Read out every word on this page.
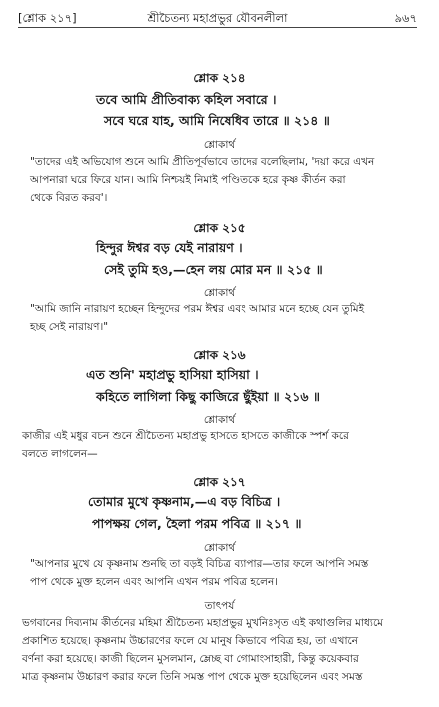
[শ্লোক ২১৭]	শ্রীচৈতন্য মহাপ্রভুর যৌবনলীলা	৯৬৭
শ্লোক ২১৪
তবে আমি প্রীতিবাক্য কহিল সবারে ।
সবে ঘরে যাহ, আমি নিষেধিব তারে ॥ ২১৪ ॥
শ্লোকার্থ
"তাদের এই অভিযোগ শুনে আমি প্রীতিপূর্বভাবে তাদের বলেছিলাম, 'দয়া করে এখন
আপনারা ঘরে ফিরে যান। আমি নিশ্চয়ই নিমাই পণ্ডিতকে হরে কৃষ্ণ কীর্তন করা
থেকে বিরত করব'।
শ্লোক ২১৫
হিন্দুর ঈশ্বর বড় যেই নারায়ণ ।
সেই তুমি হও,—হেন লয় মোর মন ॥ ২১৫ ॥
শ্লোকার্থ
"আমি জানি নারায়ণ হচ্ছেন হিন্দুদের পরম ঈশ্বর এবং আমার মনে হচ্ছে যেন তুমিই
হচ্ছ সেই নারায়ণ।"
শ্লোক ২১৬
এত শুনি' মহাপ্রভু হাসিয়া হাসিয়া ।
কহিতে লাগিলা কিছু কাজিরে ছুঁইয়া ॥ ২১৬ ॥
শ্লোকার্থ
কাজীর এই মধুর বচন শুনে শ্রীচৈতন্য মহাপ্রভু হাসতে হাসতে কাজীকে স্পর্শ করে
বলতে লাগলেন—
শ্লোক ২১৭
তোমার মুখে কৃষ্ণনাম,—এ বড় বিচিত্র ।
পাপক্ষয় গেল, হৈলা পরম পবিত্র ॥ ২১৭ ॥
শ্লোকার্থ
"আপনার মুখে যে কৃষ্ণনাম শুনছি তা বড়ই বিচিত্র ব্যাপার—তার ফলে আপনি সমস্ত
পাপ থেকে মুক্ত হলেন এবং আপনি এখন পরম পবিত্র হলেন।
তাৎপর্য
ভগবানের দিব্যনাম কীর্তনের মহিমা শ্রীচৈতন্য মহাপ্রভুর মুখনিঃসৃত এই কথাগুলির মাধ্যমে
প্রকাশিত হয়েছে। কৃষ্ণনাম উচ্চারণের ফলে যে মানুষ কিভাবে পবিত্র হয়, তা এখানে
বর্ণনা করা হয়েছে। কাজী ছিলেন মুসলমান, ম্লেচ্ছ বা গোমাংসাহারী, কিন্তু কয়েকবার
মাত্র কৃষ্ণনাম উচ্চারণ করার ফলে তিনি সমস্ত পাপ থেকে মুক্ত হয়েছিলেন এবং সমস্ত
